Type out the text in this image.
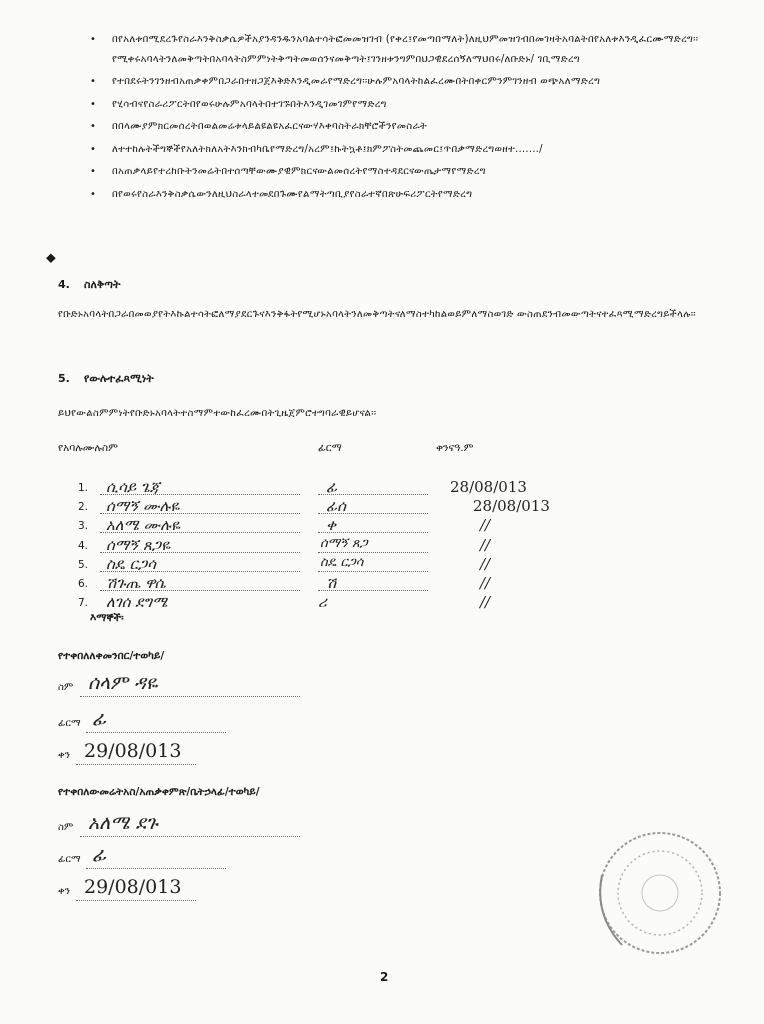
⬥
• በየአለቱበሚደረጉየስራእንቅስቃሴዎችአያንዳንዱንአባልተሳትፎመመዝገብ (የቀረ፤የመጣበማለት)ለዚህምመዝገብበመገዛትአባልትበየአለቱእንዲፈርሙማድረግ፡፡የሚቀሩአባላትንለመቅጣትበአባላትስምምነትቅጣትመወሰንናመቅጣት፤ገንዘቱንግምበህጋዊደረሰኝለማህበሩ/ለቡድኑ/ ገቢማድረግ
• የተበደሩትንገንዘብአጠቃቀምበጋራበተዘጋጀእቅድእንዲመራየማድረግ፡፡ሁሉምአባላትከልፈረሙበትበቀርምንምገንዘብ ወጭአለማድረግ
• የሂሳብናየስራሪፖርትበየወሩሁሉምአባላትበተገኙበትእንዲገመገምየማድረግ
• በበላሙያምክርመሰረትበወልመሬቱላይልዩልዩአፈርናውሃእቀባስትራክቸሮችንየመስራት
• ለተተከሉትችግኞችየአለትክለአትእንክብካቤየማድረግ/አረም፤ኩትኳቶ፤ክምፖስትመጨመር፤ጥበቃማድረግወዘተ......./
• በአጠቃላይየተረከቡትንመሬትበተሰጣቸውሙያዊምክርናውልመሰረትየማስተዳደርናውጤታማየማድረግ
• በየወሩየስራእንቅስቃሴውንለዚህስራላተመደበጉሙየልማትጣቢያየስራተኛበጽሁፍሪፖርትየማድረግ
4. ስለቅጣት
የቡድኑአባላትበጋራበመወያየትእኩልተሳትፎለማያደርጉናእንቅፋትየሚሆኑአባላትንለመቅጣትናለማስተካከልወይምለማስወገድ ውስጠደንብመውጣትናተፈጻሚማድረግይችላሉ፡፡
5. የውሉተፈጻሚነት
ይህየውልስምምነትየቡድኑአባላትተስማምተውከፈረሙበትጊዜጀምሮተግባራዊይሆናል፡፡
የአባሉሙሉስም	ፊርማ	ቀንናዓ.ም
1. ሲሳይ ጌጃ	ፊ	28/08/013
2. ሰማኝ ሙሉዬ	ፊሰ	28/08/013
3. አለሜ ሙሉዬ	ቀ	//
4. ሰማኝ ጸጋዬ	ሰማኝ ጸጋ	//
5. ስዴ ርጋሳ	ስዴ ርጋሳ	//
6. ሽጉጤ ዋሴ	ሽ	//
7. ለገሰ ደግሜ	ሪ	//
እማኞች፡
የተቀበለለቀመንበር/ተወካይ/
ስም ሰላም ዳዬ
ፊርማ ፊ
ቀን 29/08/013
የተቀበለውመሬትአስ/አጠቃቀምጽ/ቤትኃላፊ/ተወካይ/
ስም አለሜ ደጉ
ፊርማ ፊ
ቀን 29/08/013
2
